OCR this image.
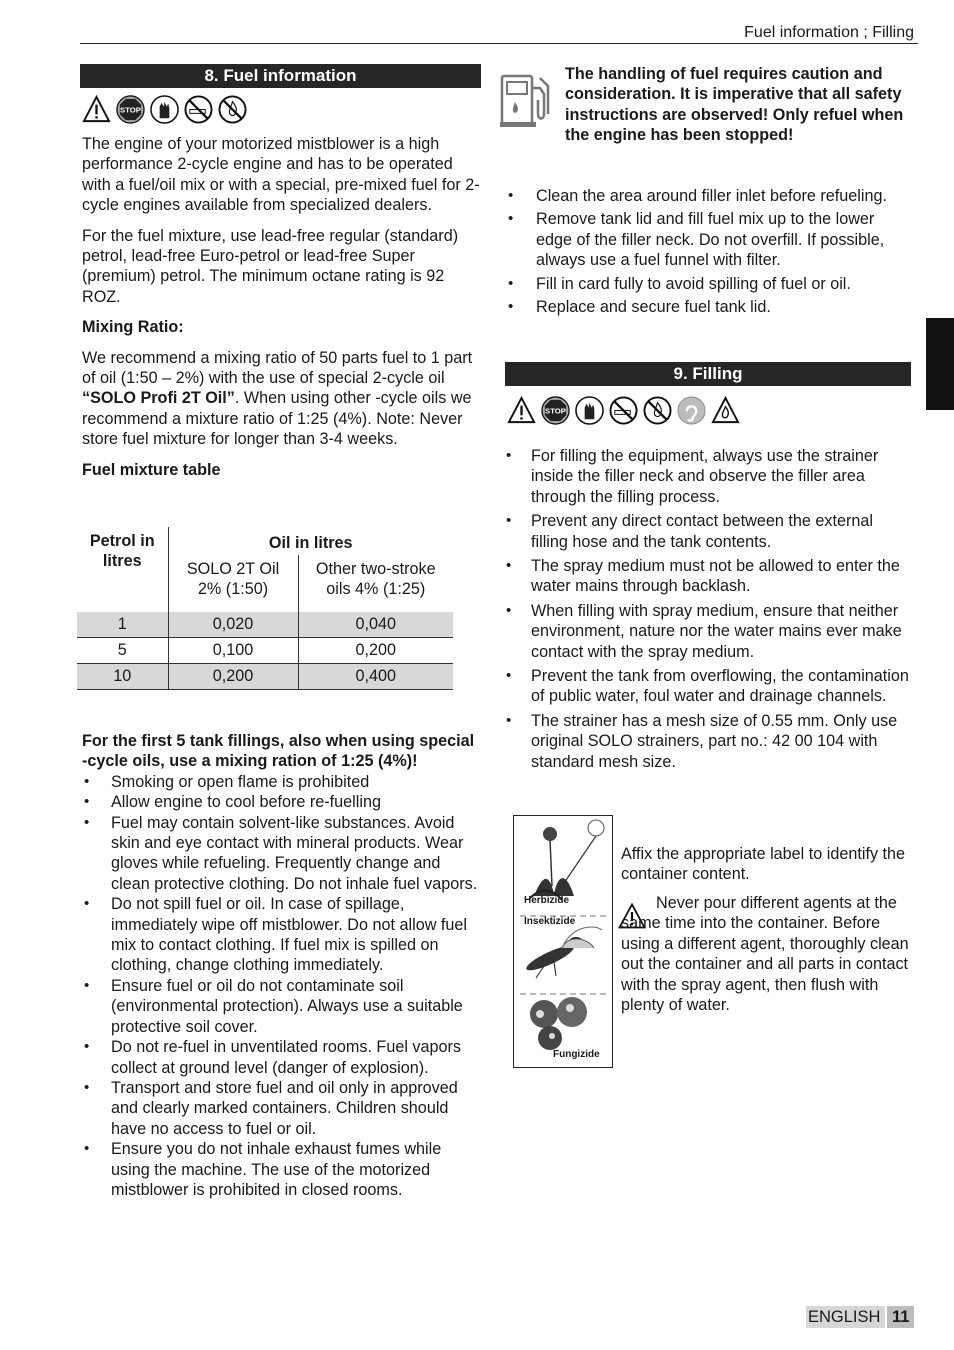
Fuel information ; Filling
8. Fuel information
STOP

The engine of your motorized mistblower is a high performance 2-cycle engine and has to be operated with a fuel/oil mix or with a special, pre-mixed fuel for 2-cycle engines available from specialized dealers.

For the fuel mixture, use lead-free regular (standard) petrol, lead-free Euro-petrol or lead-free Super (premium) petrol. The minimum octane rating is 92 ROZ.

Mixing Ratio:

We recommend a mixing ratio of 50 parts fuel to 1 part of oil (1:50 – 2%) with the use of special 2-cycle oil “SOLO Profi 2T Oil”. When using other -cycle oils we recommend a mixture ratio of 1:25 (4%). Note: Never store fuel mixture for longer than 3-4 weeks.

Fuel mixture table

Petrol in litres	Oil in litres	
	SOLO 2T Oil 2% (1:50)	Other two-stroke oils 4% (1:25)
1	0,020	0,040
5	0,100	0,200
10	0,200	0,400

For the first 5 tank fillings, also when using special -cycle oils, use a mixing ration of 1:25 (4%)!

• Smoking or open flame is prohibited
• Allow engine to cool before re-fuelling
• Fuel may contain solvent-like substances. Avoid skin and eye contact with mineral products. Wear gloves while refueling. Frequently change and clean protective clothing. Do not inhale fuel vapors.
• Do not spill fuel or oil. In case of spillage, immediately wipe off mistblower. Do not allow fuel mix to contact clothing. If fuel mix is spilled on clothing, change clothing immediately.
• Ensure fuel or oil do not contaminate soil (environmental protection). Always use a suitable protective soil cover.
• Do not re-fuel in unventilated rooms. Fuel vapors collect at ground level (danger of explosion).
• Transport and store fuel and oil only in approved and clearly marked containers. Children should have no access to fuel or oil.
• Ensure you do not inhale exhaust fumes while using the machine. The use of the motorized mistblower is prohibited in closed rooms.
The handling of fuel requires caution and consideration. It is imperative that all safety instructions are observed! Only refuel when the engine has been stopped!
• Clean the area around filler inlet before refueling.
• Remove tank lid and fill fuel mix up to the lower edge of the filler neck. Do not overfill. If possible, always use a fuel funnel with filter.
• Fill in card fully to avoid spilling of fuel or oil.
• Replace and secure fuel tank lid.
9. Filling
STOP
• For filling the equipment, always use the strainer inside the filler neck and observe the filler area through the filling process.
• Prevent any direct contact between the external filling hose and the tank contents.
• The spray medium must not be allowed to enter the water mains through backlash.
• When filling with spray medium, ensure that neither environment, nature nor the water mains ever make contact with the spray medium.
• Prevent the tank from overflowing, the contamination of public water, foul water and drainage channels.
• The strainer has a mesh size of 0.55 mm. Only use original SOLO strainers, part no.: 42 00 104 with standard mesh size.
Herbizide
Insektizide
Fungizide
Affix the appropriate label to identify the container content.
Never pour different agents at the same time into the container. Before using a different agent, thoroughly clean out the container and all parts in contact with the spray agent, then flush with plenty of water.
ENGLISH 11
